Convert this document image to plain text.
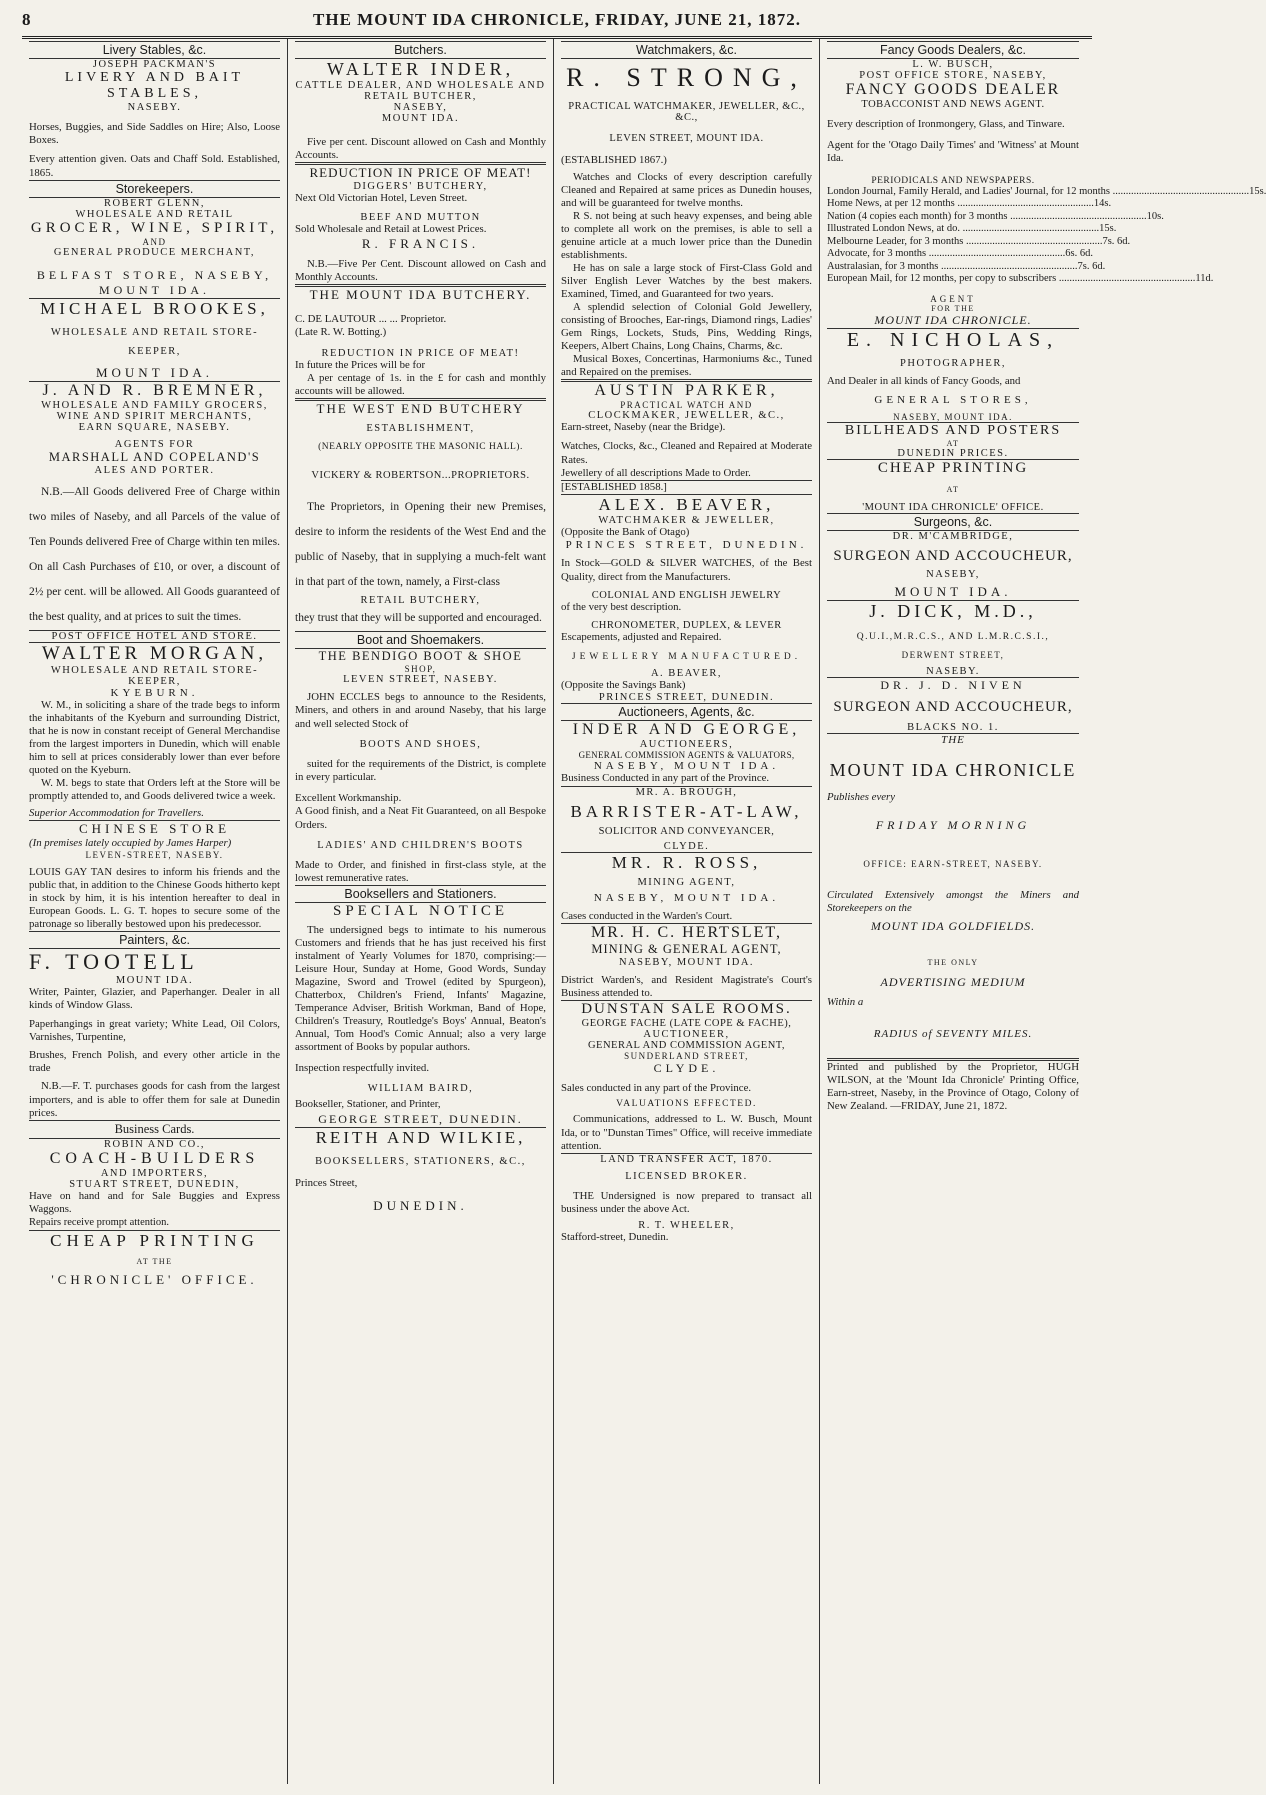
8	THE MOUNT IDA CHRONICLE, FRIDAY, JUNE 21, 1872.
Livery Stables, &c.
JOSEPH PACKMAN'S
LIVERY AND BAIT STABLES,
NASEBY.
Horses, Buggies, and Side Saddles on Hire; Also, Loose Boxes.
Every attention given. Oats and Chaff Sold. Established, 1865.
Storekeepers.
ROBERT GLENN,
WHOLESALE AND RETAIL
GROCER, WINE, SPIRIT,
AND
GENERAL PRODUCE MERCHANT,
BELFAST STORE, NASEBY, MOUNT IDA.
MICHAEL BROOKES,
WHOLESALE AND RETAIL STORE-
KEEPER,
MOUNT IDA.
J. AND R. BREMNER,
WHOLESALE AND FAMILY GROCERS,
WINE AND SPIRIT MERCHANTS,
EARN SQUARE, NASEBY.
AGENTS FOR
MARSHALL AND COPELAND'S
ALES AND PORTER.
N.B.—All Goods delivered Free of Charge within two miles of Naseby, and all Parcels of the value of Ten Pounds delivered Free of Charge within ten miles. On all Cash Purchases of £10, or over, a discount of 2½ per cent. will be allowed. All Goods guaranteed of the best quality, and at prices to suit the times.
POST OFFICE HOTEL AND STORE.
WALTER MORGAN,
WHOLESALE AND RETAIL STORE-KEEPER,
KYEBURN.
W. M., in soliciting a share of the trade begs to inform the inhabitants of the Kyeburn and surrounding District, that he is now in constant receipt of General Merchandise from the largest importers in Dunedin, which will enable him to sell at prices considerably lower than ever before quoted on the Kyeburn.
W. M. begs to state that Orders left at the Store will be promptly attended to, and Goods delivered twice a week.
Superior Accommodation for Travellers.
CHINESE STORE
(In premises lately occupied by James Harper)
LEVEN-STREET, NASEBY.
LOUIS GAY TAN desires to inform his friends and the public that, in addition to the Chinese Goods hitherto kept in stock by him, it is his intention hereafter to deal in European Goods. L. G. T. hopes to secure some of the patronage so liberally bestowed upon his predecessor.
Painters, &c.
F. TOOTELL
MOUNT IDA.
Writer, Painter, Glazier, and Paperhanger. Dealer in all kinds of Window Glass.
Paperhangings in great variety; White Lead, Oil Colors, Varnishes, Turpentine,
Brushes, French Polish, and every other article in the trade
N.B.—F. T. purchases goods for cash from the largest importers, and is able to offer them for sale at Dunedin prices.
Business Cards.
ROBIN AND CO.,
COACH-BUILDERS
AND IMPORTERS,
STUART STREET, DUNEDIN,
Have on hand and for Sale Buggies and Express Waggons.
Repairs receive prompt attention.
CHEAP PRINTING
AT THE
'CHRONICLE' OFFICE.
Butchers.
WALTER INDER,
CATTLE DEALER, AND WHOLESALE AND RETAIL BUTCHER,
NASEBY,
MOUNT IDA.
Five per cent. Discount allowed on Cash and Monthly Accounts.
REDUCTION IN PRICE OF MEAT!
DIGGERS' BUTCHERY,
Next Old Victorian Hotel, Leven Street.
BEEF AND MUTTON
Sold Wholesale and Retail at Lowest Prices.
R. FRANCIS.
N.B.—Five Per Cent. Discount allowed on Cash and Monthly Accounts.
THE MOUNT IDA BUTCHERY.
C. DE LAUTOUR ... ... Proprietor.
(Late R. W. Botting.)
REDUCTION IN PRICE OF MEAT!
In future the Prices will be for
A per centage of 1s. in the £ for cash and monthly accounts will be allowed.
THE WEST END BUTCHERY
ESTABLISHMENT,
(NEARLY OPPOSITE THE MASONIC HALL).
VICKERY & ROBERTSON...PROPRIETORS.
The Proprietors, in Opening their new Premises, desire to inform the residents of the West End and the public of Naseby, that in supplying a much-felt want in that part of the town, namely, a First-class
RETAIL BUTCHERY,
they trust that they will be supported and encouraged.
Boot and Shoemakers.
THE BENDIGO BOOT & SHOE
SHOP,
LEVEN STREET, NASEBY.
JOHN ECCLES begs to announce to the Residents, Miners, and others in and around Naseby, that his large and well selected Stock of
BOOTS AND SHOES,
suited for the requirements of the District, is complete in every particular.
Excellent Workmanship.
A Good finish, and a Neat Fit Guaranteed, on all Bespoke Orders.
LADIES' AND CHILDREN'S BOOTS
Made to Order, and finished in first-class style, at the lowest remunerative rates.
Booksellers and Stationers.
SPECIAL NOTICE
The undersigned begs to intimate to his numerous Customers and friends that he has just received his first instalment of Yearly Volumes for 1870, comprising:—Leisure Hour, Sunday at Home, Good Words, Sunday Magazine, Sword and Trowel (edited by Spurgeon), Chatterbox, Children's Friend, Infants' Magazine, Temperance Adviser, British Workman, Band of Hope, Children's Treasury, Routledge's Boys' Annual, Beaton's Annual, Tom Hood's Comic Annual; also a very large assortment of Books by popular authors.
Inspection respectfully invited.
WILLIAM BAIRD,
Bookseller, Stationer, and Printer,
GEORGE STREET, DUNEDIN.
REITH AND WILKIE,
BOOKSELLERS, STATIONERS, &C.,
Princes Street,
DUNEDIN.
Watchmakers, &c.
R. STRONG,
PRACTICAL WATCHMAKER, JEWELLER, &C., &C.,
LEVEN STREET, MOUNT IDA.
(ESTABLISHED 1867.)
Watches and Clocks of every description carefully Cleaned and Repaired at same prices as Dunedin houses, and will be guaranteed for twelve months.
R S. not being at such heavy expenses, and being able to complete all work on the premises, is able to sell a genuine article at a much lower price than the Dunedin establishments.
He has on sale a large stock of First-Class Gold and Silver English Lever Watches by the best makers. Examined, Timed, and Guaranteed for two years.
A splendid selection of Colonial Gold Jewellery, consisting of Brooches, Ear-rings, Diamond rings, Ladies' Gem Rings, Lockets, Studs, Pins, Wedding Rings, Keepers, Albert Chains, Long Chains, Charms, &c.
Musical Boxes, Concertinas, Harmoniums &c., Tuned and Repaired on the premises.
AUSTIN PARKER,
PRACTICAL WATCH AND
CLOCKMAKER, JEWELLER, &C.,
Earn-street, Naseby (near the Bridge).
Watches, Clocks, &c., Cleaned and Repaired at Moderate Rates.
Jewellery of all descriptions Made to Order.
[ESTABLISHED 1858.]
ALEX. BEAVER,
WATCHMAKER & JEWELLER,
(Opposite the Bank of Otago)
PRINCES STREET, DUNEDIN.
In Stock—GOLD & SILVER WATCHES, of the Best Quality, direct from the Manufacturers.
COLONIAL AND ENGLISH JEWELRY
of the very best description.
CHRONOMETER, DUPLEX, & LEVER
Escapements, adjusted and Repaired.
JEWELLERY MANUFACTURED.
A. BEAVER,
(Opposite the Savings Bank)
PRINCES STREET, DUNEDIN.
Auctioneers, Agents, &c.
INDER AND GEORGE,
AUCTIONEERS,
GENERAL COMMISSION AGENTS & VALUATORS,
NASEBY, MOUNT IDA.
Business Conducted in any part of the Province.
MR. A. BROUGH,
BARRISTER-AT-LAW,
SOLICITOR AND CONVEYANCER,
CLYDE.
MR. R. ROSS,
MINING AGENT,
NASEBY, MOUNT IDA.
Cases conducted in the Warden's Court.
MR. H. C. HERTSLET,
MINING & GENERAL AGENT,
NASEBY, MOUNT IDA.
District Warden's, and Resident Magistrate's Court's Business attended to.
DUNSTAN SALE ROOMS.
GEORGE FACHE (LATE COPE & FACHE),
AUCTIONEER,
GENERAL AND COMMISSION AGENT,
SUNDERLAND STREET,
CLYDE.
Sales conducted in any part of the Province.
VALUATIONS EFFECTED.
Communications, addressed to L. W. Busch, Mount Ida, or to "Dunstan Times" Office, will receive immediate attention.
LAND TRANSFER ACT, 1870.
LICENSED BROKER.
THE Undersigned is now prepared to transact all business under the above Act.
R. T. WHEELER,
Stafford-street, Dunedin.
Fancy Goods Dealers, &c.
L. W. BUSCH,
POST OFFICE STORE, NASEBY,
FANCY GOODS DEALER
TOBACCONIST AND NEWS AGENT.
Every description of Ironmongery, Glass, and Tinware.
Agent for the 'Otago Daily Times' and 'Witness' at Mount Ida.
PERIODICALS AND NEWSPAPERS.
London Journal, Family Herald, and Ladies' Journal, for 12 months .................................................... 15s.
Home News, at per 12 months .................................................... 14s.
Nation (4 copies each month) for 3 months .................................................... 10s.
Illustrated London News, at do. .................................................... 15s.
Melbourne Leader, for 3 months .................................................... 7s. 6d.
Advocate, for 3 months .................................................... 6s. 6d.
Australasian, for 3 months .................................................... 7s. 6d.
European Mail, for 12 months, per copy to subscribers .................................................... 11d.
AGENT
FOR THE
MOUNT IDA CHRONICLE.
E. NICHOLAS,
PHOTOGRAPHER,
And Dealer in all kinds of Fancy Goods, and
GENERAL STORES,
NASEBY, MOUNT IDA.
BILLHEADS AND POSTERS
AT
DUNEDIN PRICES.
CHEAP PRINTING
AT
'MOUNT IDA CHRONICLE' OFFICE.
Surgeons, &c.
DR. M'CAMBRIDGE,
SURGEON AND ACCOUCHEUR,
NASEBY,
MOUNT IDA.
J. DICK, M.D.,
Q.U.I.,M.R.C.S., AND L.M.R.C.S.I.,
DERWENT STREET,
NASEBY.
DR. J. D. NIVEN
SURGEON AND ACCOUCHEUR,
BLACKS NO. 1.
THE
MOUNT IDA CHRONICLE
Publishes every
FRIDAY MORNING
OFFICE: EARN-STREET, NASEBY.
Circulated Extensively amongst the Miners and Storekeepers on the
MOUNT IDA GOLDFIELDS.
THE ONLY
ADVERTISING MEDIUM
Within a
RADIUS of SEVENTY MILES.
Printed and published by the Proprietor, HUGH WILSON, at the 'Mount Ida Chronicle' Printing Office, Earn-street, Naseby, in the Province of Otago, Colony of New Zealand. —FRIDAY, June 21, 1872.
